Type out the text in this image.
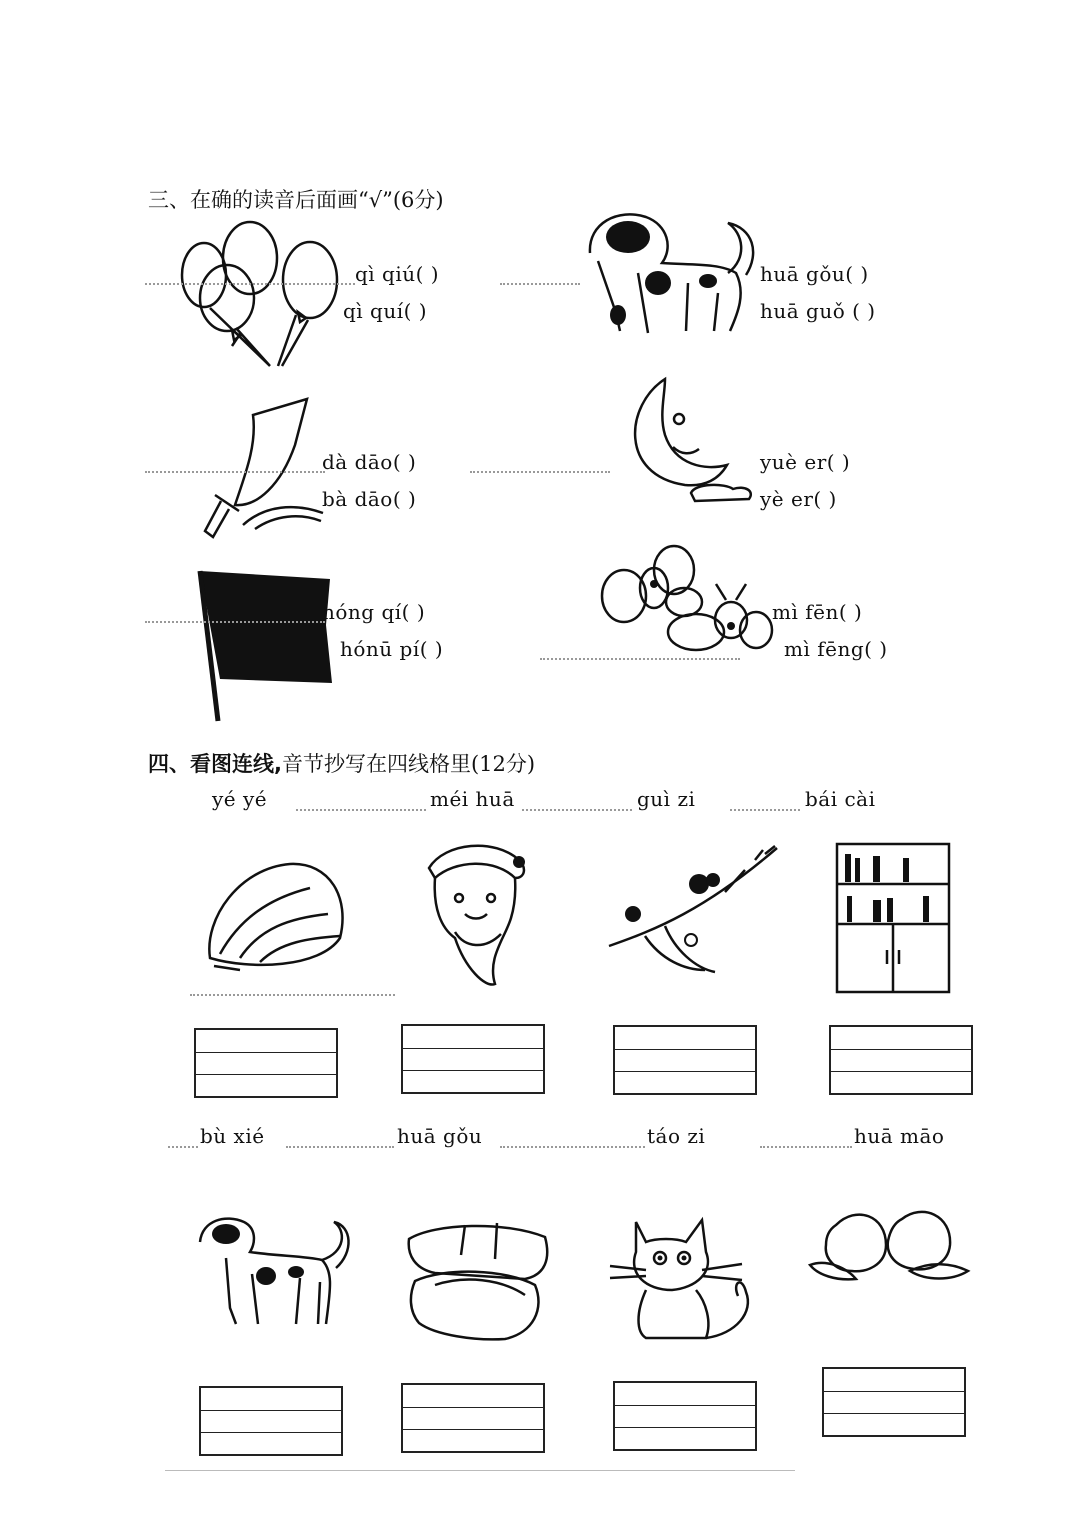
三、在确的读音后面画“√”(6分)
qì qiú( )
qì quí( )
huā gǒu( )
huā guǒ ( )
dà dāo( )
bà dāo( )
yuè er( )
yè er( )
hóng qí( )
hónū pí( )
mì fēn( )
mì fēng( )
四、看图连线,音节抄写在四线格里(12分)
yé yé	méi huā	guì zi	bái cài
bù xié	huā gǒu	táo zi	huā māo
